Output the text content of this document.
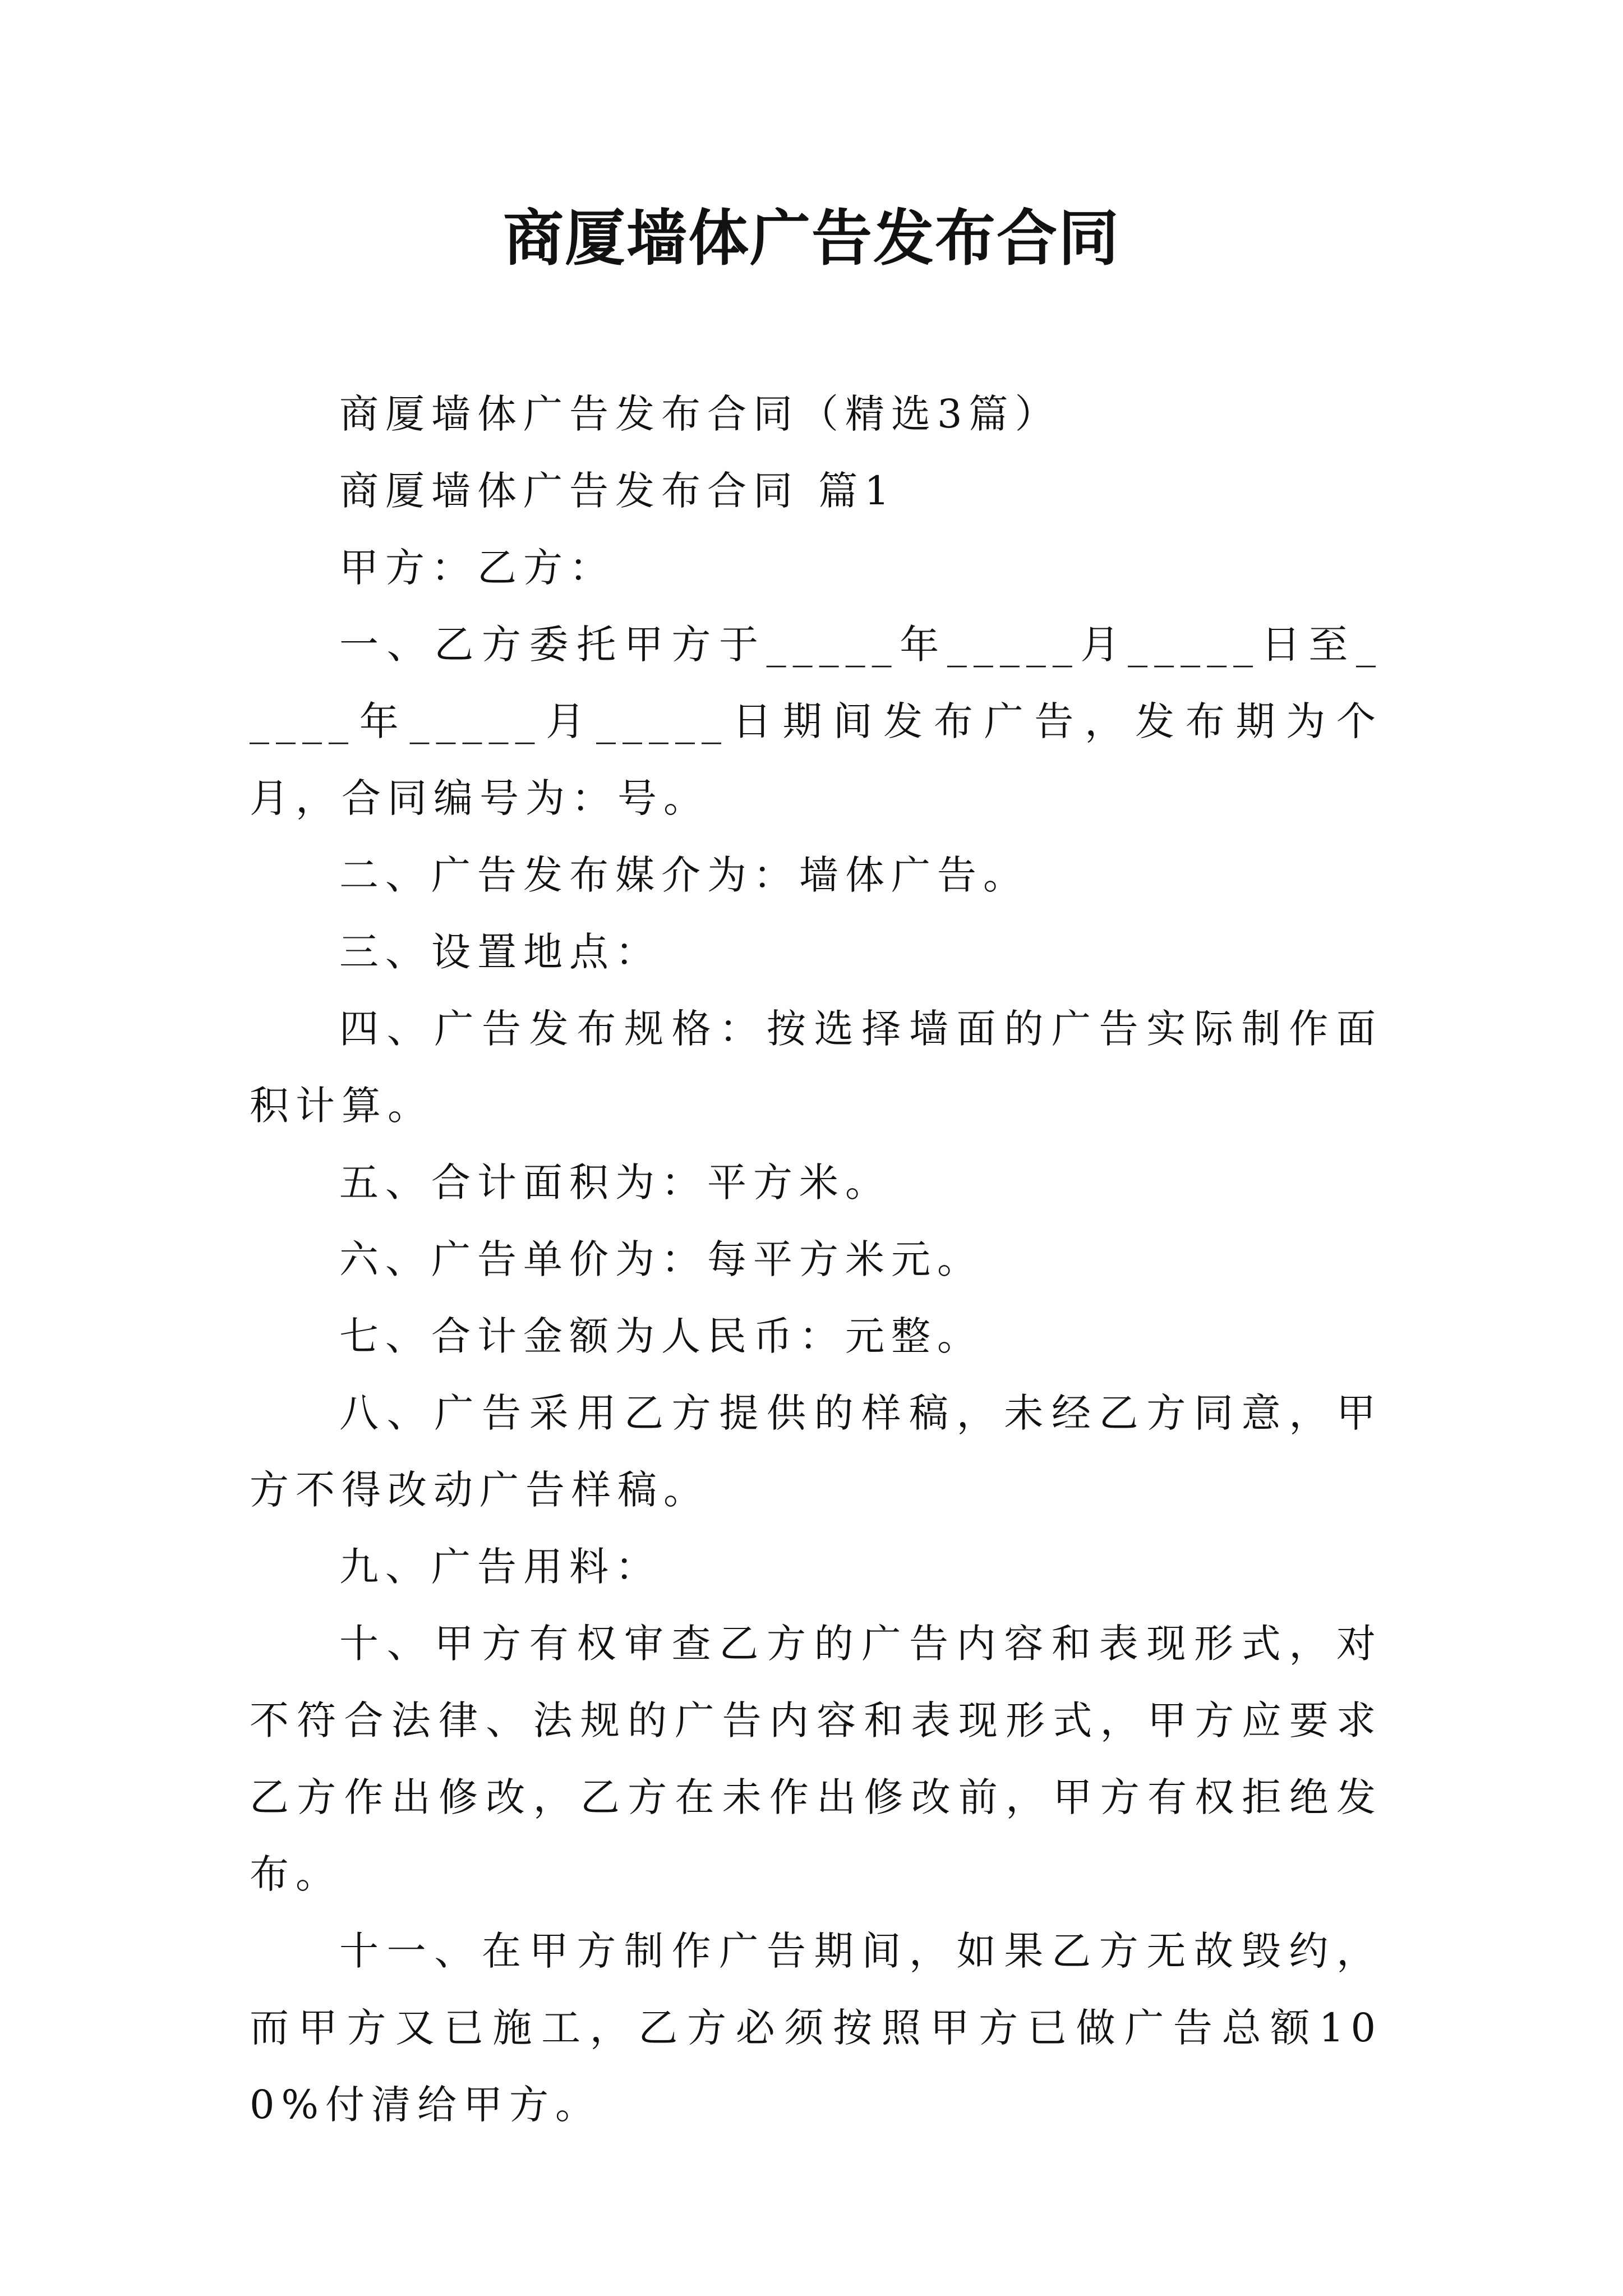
商厦墙体广告发布合同

商厦墙体广告发布合同（精选3篇）

商厦墙体广告发布合同 篇1

甲方：乙方：

一、乙方委托甲方于_____年_____月_____日至_____年_____月_____日期间发布广告，发布期为个月，合同编号为：号。

二、广告发布媒介为：墙体广告。

三、设置地点：

四、广告发布规格：按选择墙面的广告实际制作面积计算。

五、合计面积为：平方米。

六、广告单价为：每平方米元。

七、合计金额为人民币：元整。

八、广告采用乙方提供的样稿，未经乙方同意，甲方不得改动广告样稿。

九、广告用料：

十、甲方有权审查乙方的广告内容和表现形式，对不符合法律、法规的广告内容和表现形式，甲方应要求乙方作出修改，乙方在未作出修改前，甲方有权拒绝发布。

十一、在甲方制作广告期间，如果乙方无故毁约，而甲方又已施工，乙方必须按照甲方已做广告总额100%付清给甲方。
